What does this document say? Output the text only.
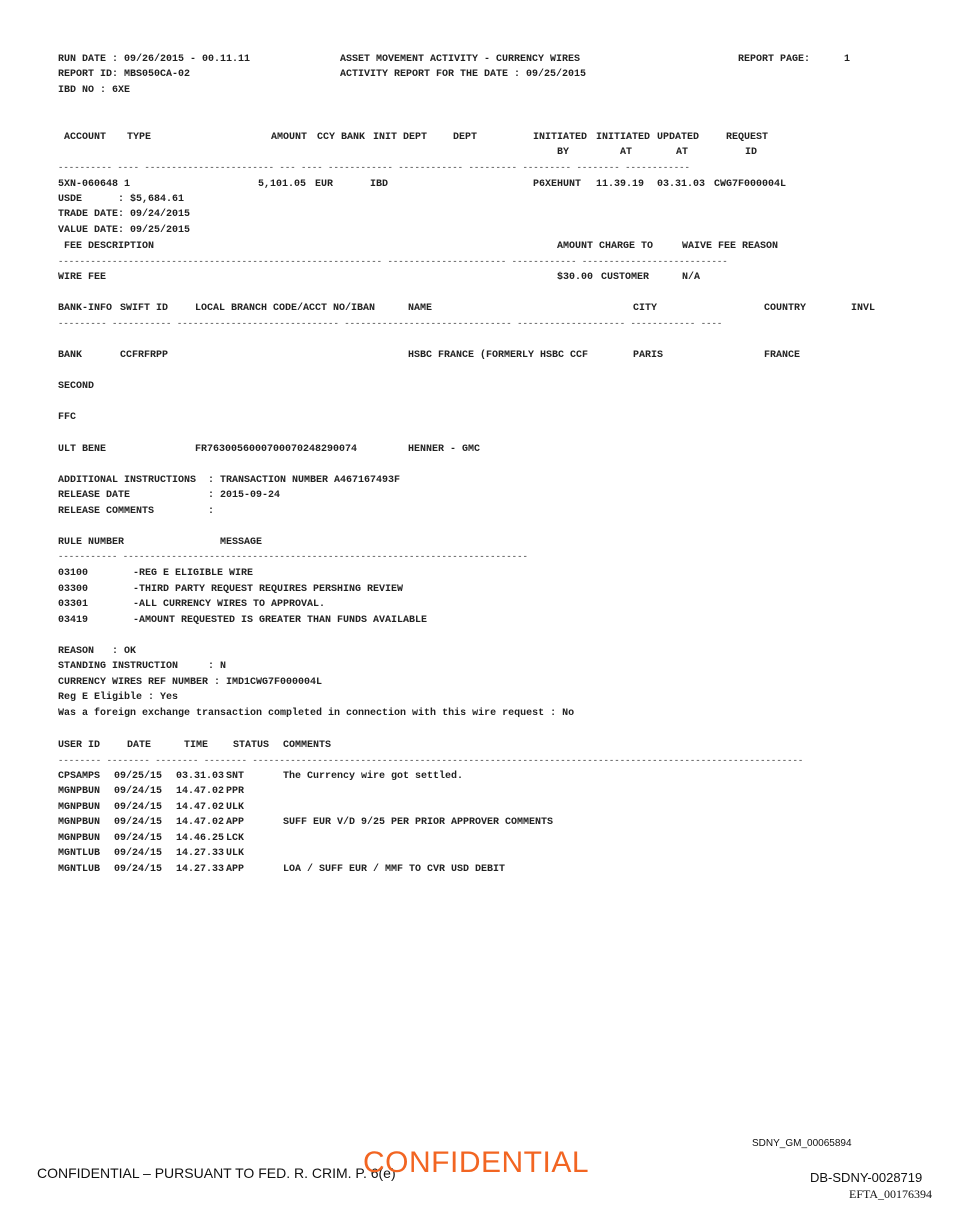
RUN DATE : 09/26/2015 - 00.11.11	ASSET MOVEMENT ACTIVITY - CURRENCY WIRES	REPORT PAGE:	1
REPORT ID: MBS050CA-02	ACTIVITY REPORT FOR THE DATE : 09/25/2015
IBD NO : 6XE
ACCOUNT TYPE	AMOUNT CCY BANK INIT DEPT	DEPT	INITIATED INITIATED UPDATED	REQUEST
BY	AT	AT	ID
---------- ---- ------------------------ --- ---- ------------ ------------ --------- --------- -------- ------------
5XN-060648 1	5,101.05 EUR	IBD	P6XEHUNT 11.39.19 03.31.03 CWG7F000004L
USDE      : $5,684.61
TRADE DATE: 09/24/2015
VALUE DATE: 09/25/2015
FEE DESCRIPTION	AMOUNT CHARGE TO	WAIVE FEE REASON
------------------------------------------------------------ ---------------------- ------------ ---------------------------
WIRE FEE	$30.00 CUSTOMER	N/A
BANK-INFO SWIFT ID	LOCAL BRANCH CODE/ACCT NO/IBAN	NAME	CITY	COUNTRY	INVL
--------- ----------- ------------------------------ ------------------------------- -------------------- ------------ ----
BANK	CCFRFRPP	HSBC FRANCE (FORMERLY HSBC CCF	PARIS	FRANCE
SECOND
FFC
ULT BENE	FR7630056000700070248290074	HENNER - GMC
ADDITIONAL INSTRUCTIONS  : TRANSACTION NUMBER A467167493F
RELEASE DATE             : 2015-09-24
RELEASE COMMENTS         :
RULE NUMBER	MESSAGE
----------- ---------------------------------------------------------------------------
03100	-REG E ELIGIBLE WIRE
03300	-THIRD PARTY REQUEST REQUIRES PERSHING REVIEW
03301	-ALL CURRENCY WIRES TO APPROVAL.
03419	-AMOUNT REQUESTED IS GREATER THAN FUNDS AVAILABLE
REASON   : OK
STANDING INSTRUCTION     : N
CURRENCY WIRES REF NUMBER : IMD1CWG7F000004L
Reg E Eligible : Yes
Was a foreign exchange transaction completed in connection with this wire request : No
USER ID	DATE	TIME STATUS COMMENTS
-------- -------- -------- -------- ------------------------------------------------------------------------------------------------------
CPSAMPS 09/25/15 03.31.03 SNT	The Currency wire got settled.
MGNPBUN 09/24/15 14.47.02 PPR
MGNPBUN 09/24/15 14.47.02 ULK
MGNPBUN 09/24/15 14.47.02 APP	SUFF EUR V/D 9/25 PER PRIOR APPROVER COMMENTS
MGNPBUN 09/24/15 14.46.25 LCK
MGNTLUB 09/24/15 14.27.33 ULK
MGNTLUB 09/24/15 14.27.33 APP	LOA / SUFF EUR / MMF TO CVR USD DEBIT
SDNY_GM_00065894
CONFIDENTIAL – PURSUANT TO FED. R. CRIM. P. 6(e)
CONFIDENTIAL	DB-SDNY-0028719
EFTA_00176394
